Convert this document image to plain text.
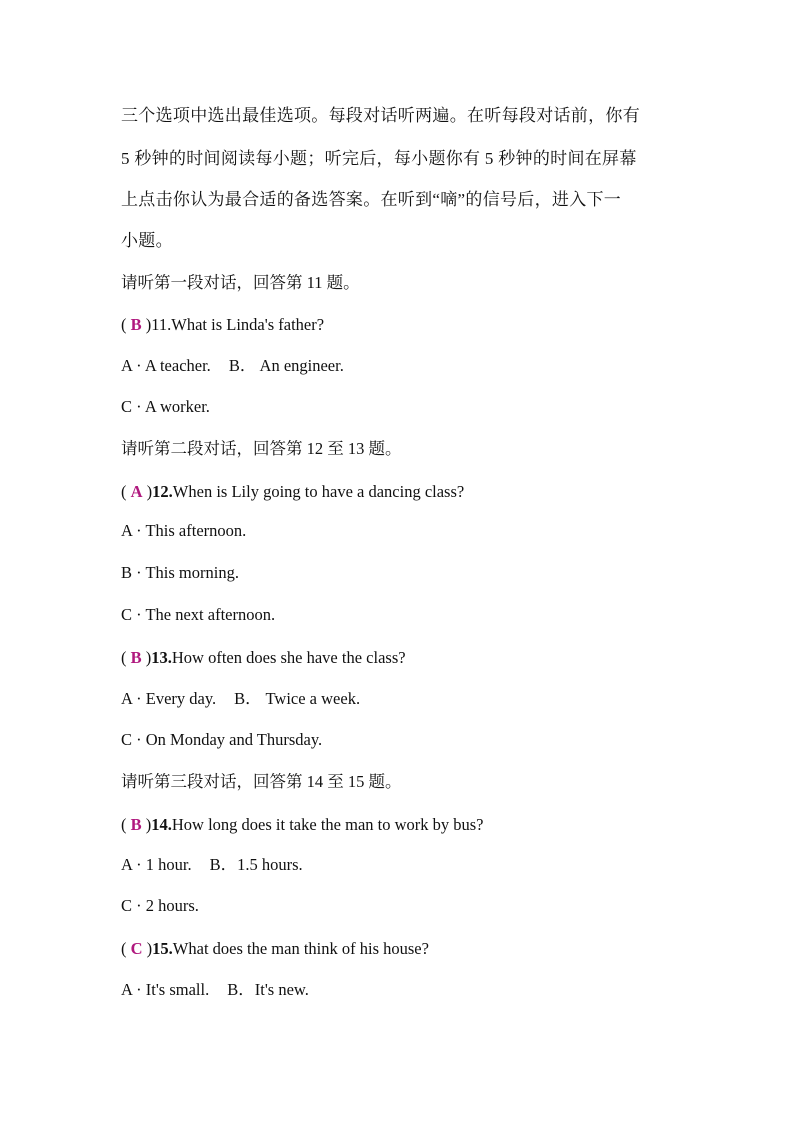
三个选项中选出最佳选项。每段对话听两遍。在听每段对话前，你有
5 秒钟的时间阅读每小题；听完后，每小题你有 5 秒钟的时间在屏幕
上点击你认为最合适的备选答案。在听到“嘀”的信号后，进入下一
小题。
请听第一段对话，回答第 11 题。
( B )11.What is Linda's father?
A · A teacher. B． An engineer.
C · A worker.
请听第二段对话，回答第 12 至 13 题。
( A )12.When is Lily going to have a dancing class?
A · This afternoon.
B · This morning.
C · The next afternoon.
( B )13.How often does she have the class?
A · Every day. B． Twice a week.
C · On Monday and Thursday.
请听第三段对话，回答第 14 至 15 题。
( B )14.How long does it take the man to work by bus?
A · 1 hour. B．1.5 hours.
C · 2 hours.
( C )15.What does the man think of his house?
A · It's small. B．It's new.
